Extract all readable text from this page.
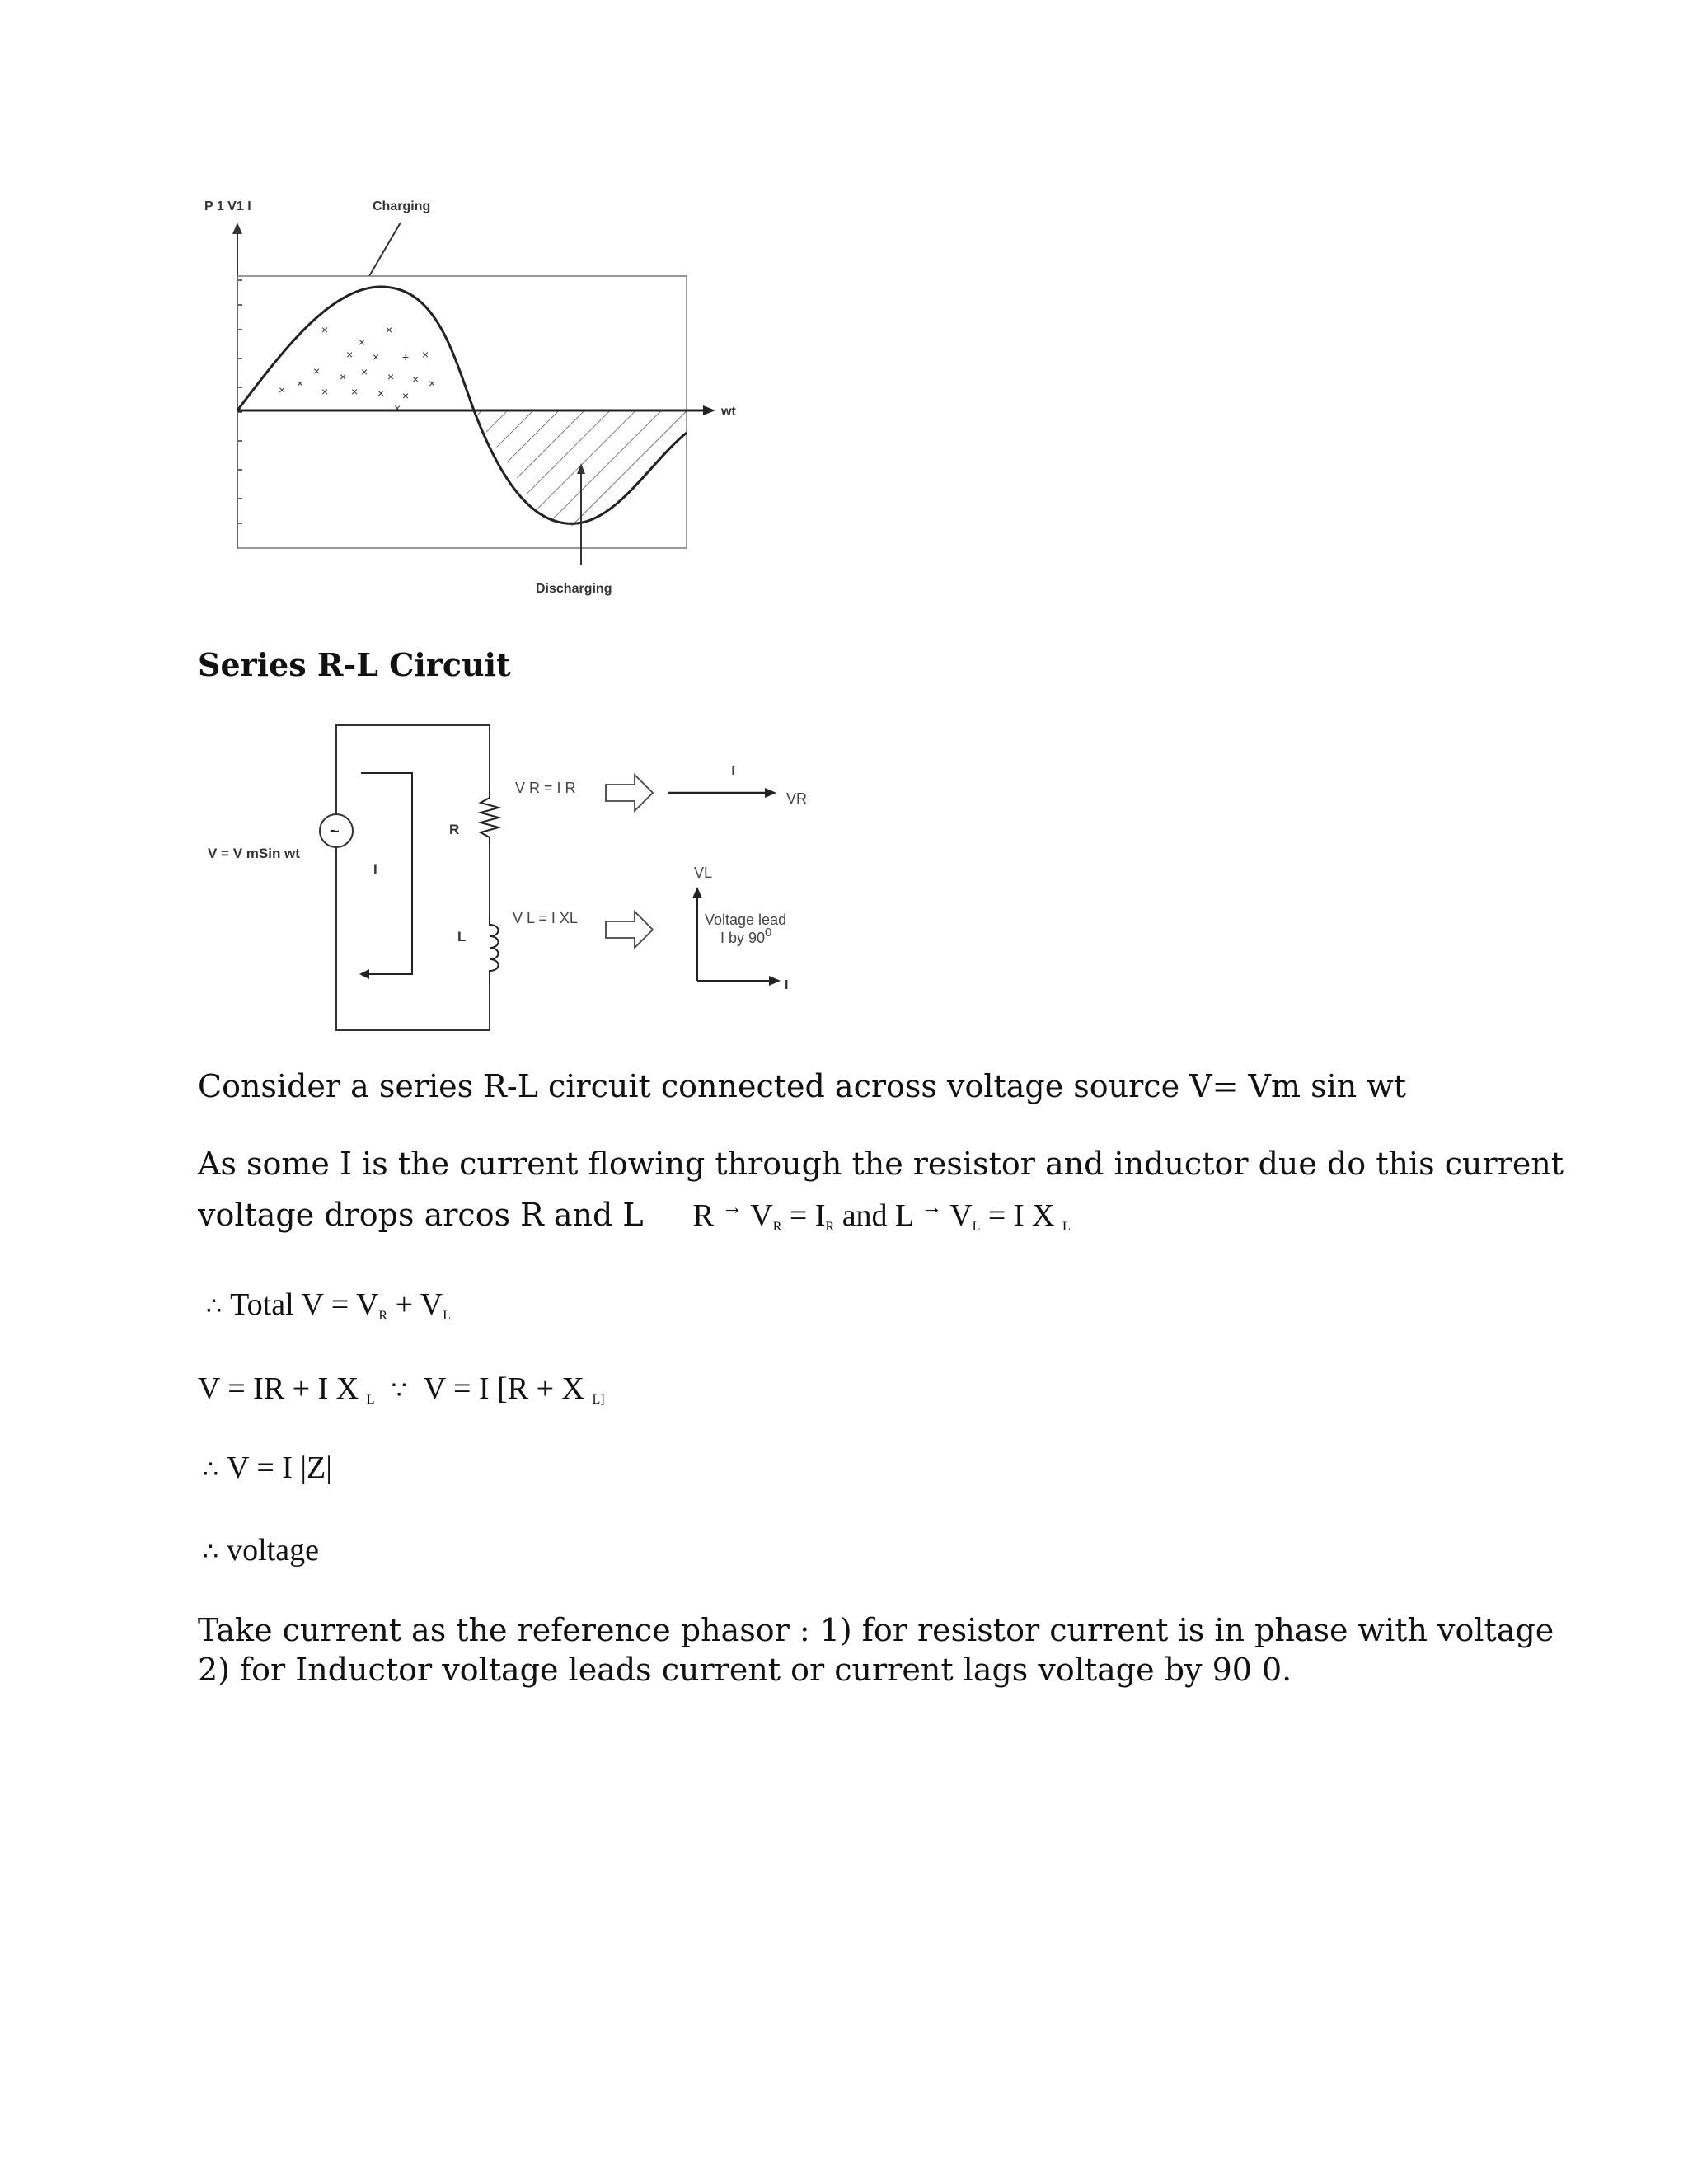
P 1 V1 I	Charging
wt
×
×
×
× × + ×
× × × × ×
× ×
× × × ×
×
×
Discharging
Series R-L Circuit
V = V mSin wt
~
I
R
L
V R = I R
V L = I XL
I
VR
VL
Voltage lead
I by $90^0$
I
Consider a series R-L circuit connected across voltage source V= Vm sin wt
As some I is the current flowing through the resistor and inductor due do this current
voltage drops arcos R and L R → VR = IR and L → VL = I X L
∴ Total V = VR + VL
V = IR + I X L ∵ V = I [R + X L]
∴ V = I |Z|
∴ voltage
Take current as the reference phasor : 1) for resistor current is in phase with voltage
2) for Inductor voltage leads current or current lags voltage by 90 0.
